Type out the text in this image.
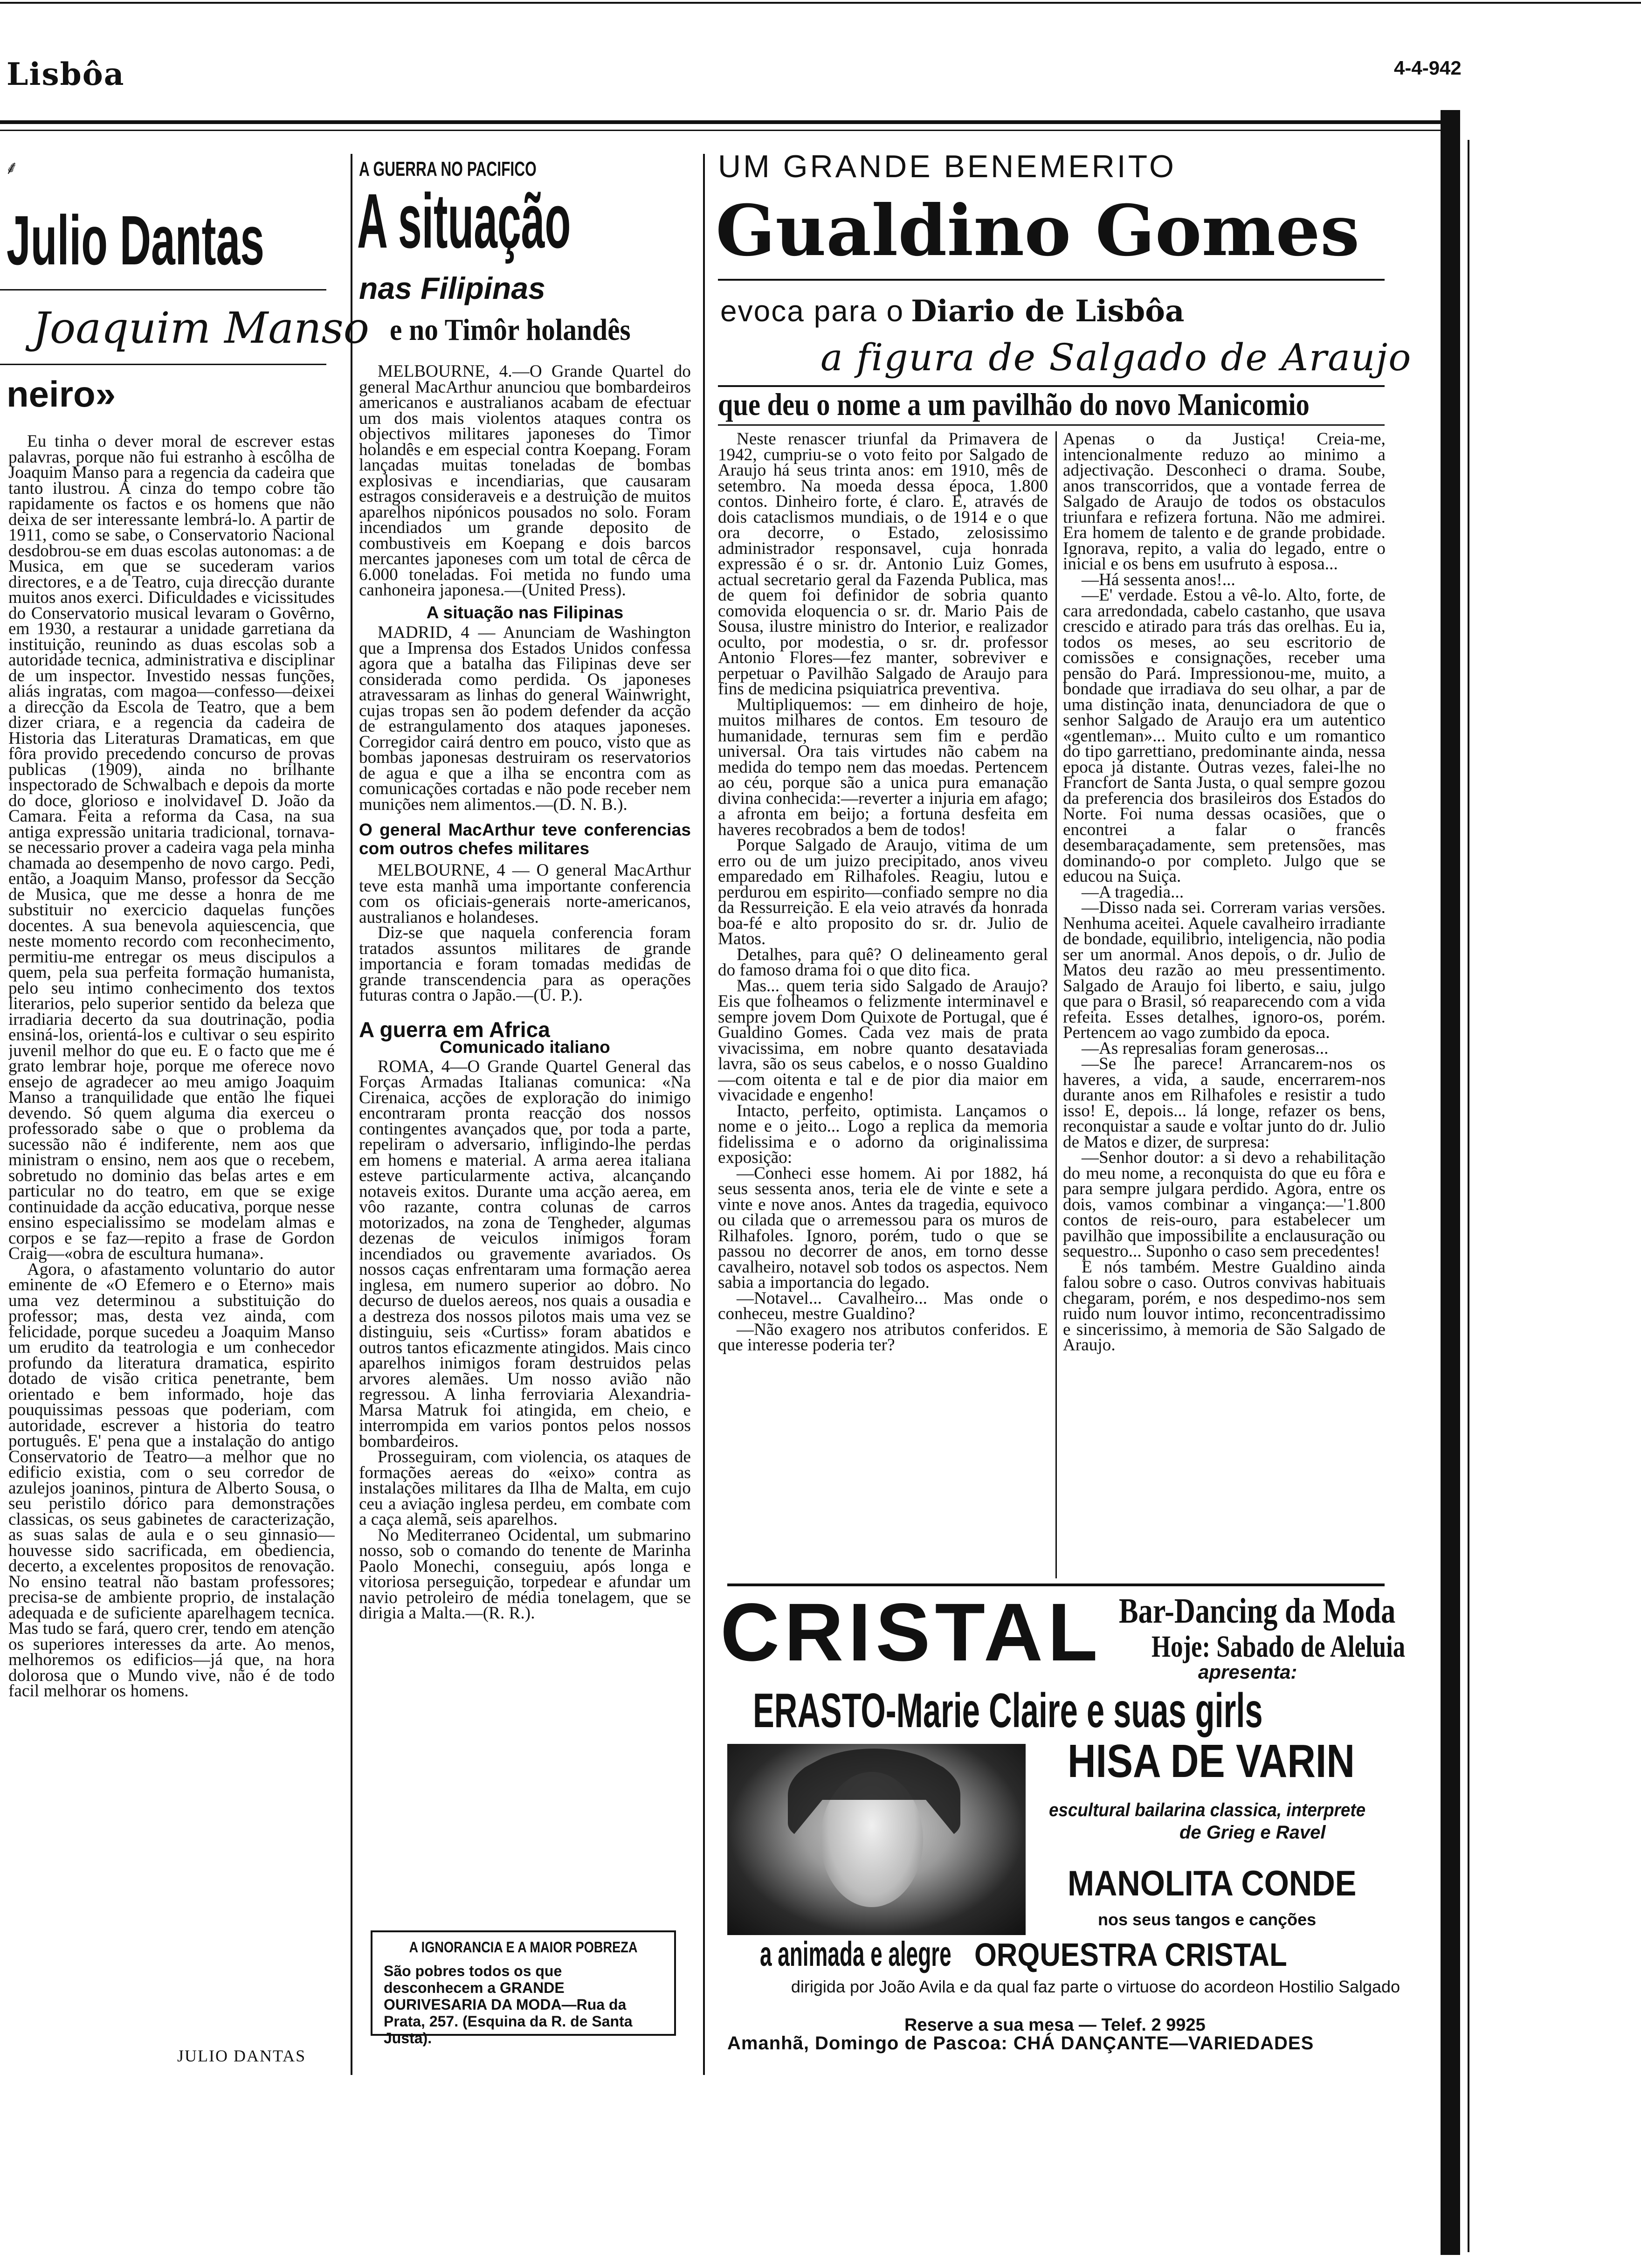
Lisbôa	4-4-942
⸙
Julio Dantas
Joaquim Manso
neiro»

Eu tinha o dever moral de escrever estas palavras, porque não fui estranho à escôlha de Joaquim Manso para a regencia da cadeira que tanto ilustrou. A cinza do tempo cobre tão rapidamente os factos e os homens que não deixa de ser interessante lembrá-lo. A partir de 1911, como se sabe, o Conservatorio Nacional desdobrou-se em duas escolas autonomas: a de Musica, em que se sucederam varios directores, e a de Teatro, cuja direcção durante muitos anos exerci. Dificuldades e vicissitudes do Conservatorio musical levaram o Govêrno, em 1930, a restaurar a unidade garretiana da instituição, reunindo as duas escolas sob a autoridade tecnica, administrativa e disciplinar de um inspector. Investido nessas funções, aliás ingratas, com magoa—confesso—deixei a direcção da Escola de Teatro, que a bem dizer criara, e a regencia da cadeira de Historia das Literaturas Dramaticas, em que fôra provido precedendo concurso de provas publicas (1909), ainda no brilhante inspectorado de Schwalbach e depois da morte do doce, glorioso e inolvidavel D. João da Camara. Feita a reforma da Casa, na sua antiga expressão unitaria tradicional, tornava-se necessario prover a cadeira vaga pela minha chamada ao desempenho de novo cargo. Pedi, então, a Joaquim Manso, professor da Secção de Musica, que me desse a honra de me substituir no exercicio daquelas funções docentes. A sua benevola aquiescencia, que neste momento recordo com reconhecimento, permitiu-me entregar os meus discipulos a quem, pela sua perfeita formação humanista, pelo seu intimo conhecimento dos textos literarios, pelo superior sentido da beleza que irradiaria decerto da sua doutrinação, podia ensiná-los, orientá-los e cultivar o seu espirito juvenil melhor do que eu. E o facto que me é grato lembrar hoje, porque me oferece novo ensejo de agradecer ao meu amigo Joaquim Manso a tranquilidade que então lhe fiquei devendo. Só quem alguma dia exerceu o professorado sabe o que o problema da sucessão não é indiferente, nem aos que ministram o ensino, nem aos que o recebem, sobretudo no dominio das belas artes e em particular no do teatro, em que se exige continuidade da acção educativa, porque nesse ensino especialissimo se modelam almas e corpos e se faz—repito a frase de Gordon Craig—«obra de escultura humana».

Agora, o afastamento voluntario do autor eminente de «O Efemero e o Eterno» mais uma vez determinou a substituição do professor; mas, desta vez ainda, com felicidade, porque sucedeu a Joaquim Manso um erudito da teatrologia e um conhecedor profundo da literatura dramatica, espirito dotado de visão critica penetrante, bem orientado e bem informado, hoje das pouquissimas pessoas que poderiam, com autoridade, escrever a historia do teatro português. E' pena que a instalação do antigo Conservatorio de Teatro—a melhor que no edificio existia, com o seu corredor de azulejos joaninos, pintura de Alberto Sousa, o seu peristilo dórico para demonstrações classicas, os seus gabinetes de caracterização, as suas salas de aula e o seu ginnasio—houvesse sido sacrificada, em obediencia, decerto, a excelentes propositos de renovação. No ensino teatral não bastam professores; precisa-se de ambiente proprio, de instalação adequada e de suficiente aparelhagem tecnica. Mas tudo se fará, quero crer, tendo em atenção os superiores interesses da arte. Ao menos, melhoremos os edificios—já que, na hora dolorosa que o Mundo vive, não é de todo facil melhorar os homens.

JULIO DANTAS
A GUERRA NO PACIFICO
A situação
nas Filipinas
e no Timôr holandês

MELBOURNE, 4.—O Grande Quartel do general MacArthur anunciou que bombardeiros americanos e australianos acabam de efectuar um dos mais violentos ataques contra os objectivos militares japoneses do Timor holandês e em especial contra Koepang. Foram lançadas muitas toneladas de bombas explosivas e incendiarias, que causaram estragos consideraveis e a destruição de muitos aparelhos nipónicos pousados no solo. Foram incendiados um grande deposito de combustiveis em Koepang e dois barcos mercantes japoneses com um total de cêrca de 6.000 toneladas. Foi metida no fundo uma canhoneira japonesa.—(United Press).

A situação nas Filipinas

MADRID, 4 — Anunciam de Washington que a Imprensa dos Estados Unidos confessa agora que a batalha das Filipinas deve ser considerada como perdida. Os japoneses atravessaram as linhas do general Wainwright, cujas tropas sen ão podem defender da acção de estrangulamento dos ataques japoneses. Corregidor cairá dentro em pouco, visto que as bombas japonesas destruiram os reservatorios de agua e que a ilha se encontra com as comunicações cortadas e não pode receber nem munições nem alimentos.—(D. N. B.).

O general MacArthur teve conferencias com outros chefes militares

MELBOURNE, 4 — O general MacArthur teve esta manhã uma importante conferencia com os oficiais-generais norte-americanos, australianos e holandeses.

Diz-se que naquela conferencia foram tratados assuntos militares de grande importancia e foram tomadas medidas de grande transcendencia para as operações futuras contra o Japão.—(U. P.).

A guerra em Africa
Comunicado italiano

ROMA, 4—O Grande Quartel General das Forças Armadas Italianas comunica: «Na Cirenaica, acções de exploração do inimigo encontraram pronta reacção dos nossos contingentes avançados que, por toda a parte, repeliram o adversario, infligindo-lhe perdas em homens e material. A arma aerea italiana esteve particularmente activa, alcançando notaveis exitos. Durante uma acção aerea, em vôo razante, contra colunas de carros motorizados, na zona de Tengheder, algumas dezenas de veiculos inimigos foram incendiados ou gravemente avariados. Os nossos caças enfrentaram uma formação aerea inglesa, em numero superior ao dobro. No decurso de duelos aereos, nos quais a ousadia e a destreza dos nossos pilotos mais uma vez se distinguiu, seis «Curtiss» foram abatidos e outros tantos eficazmente atingidos. Mais cinco aparelhos inimigos foram destruidos pelas arvores alemães. Um nosso avião não regressou. A linha ferroviaria Alexandria-Marsa Matruk foi atingida, em cheio, e interrompida em varios pontos pelos nossos bombardeiros.

Prosseguiram, com violencia, os ataques de formações aereas do «eixo» contra as instalações militares da Ilha de Malta, em cujo ceu a aviação inglesa perdeu, em combate com a caça alemã, seis aparelhos.

No Mediterraneo Ocidental, um submarino nosso, sob o comando do tenente de Marinha Paolo Monechi, conseguiu, após longa e vitoriosa perseguição, torpedear e afundar um navio petroleiro de média tonelagem, que se dirigia a Malta.—(R. R.).

A IGNORANCIA E A MAIOR POBREZA
São pobres todos os que desconhecem a GRANDE OURIVESARIA DA MODA—Rua da Prata, 257. (Esquina da R. de Santa Justa).
UM GRANDE BENEMERITO
Gualdino Gomes
evoca para o Diario de Lisbôa
a figura de Salgado de Araujo
que deu o nome a um pavilhão do novo Manicomio

Neste renascer triunfal da Primavera de 1942, cumpriu-se o voto feito por Salgado de Araujo há seus trinta anos: em 1910, mês de setembro. Na moeda dessa época, 1.800 contos. Dinheiro forte, é claro. E, através de dois cataclismos mundiais, o de 1914 e o que ora decorre, o Estado, zelosissimo administrador responsavel, cuja honrada expressão é o sr. dr. Antonio Luiz Gomes, actual secretario geral da Fazenda Publica, mas de quem foi definidor de sobria quanto comovida eloquencia o sr. dr. Mario Pais de Sousa, ilustre ministro do Interior, e realizador oculto, por modestia, o sr. dr. professor Antonio Flores—fez manter, sobreviver e perpetuar o Pavilhão Salgado de Araujo para fins de medicina psiquiatrica preventiva.

Multipliquemos: — em dinheiro de hoje, muitos milhares de contos. Em tesouro de humanidade, ternuras sem fim e perdão universal. Ora tais virtudes não cabem na medida do tempo nem das moedas. Pertencem ao céu, porque são a unica pura emanação divina conhecida:—reverter a injuria em afago; a afronta em beijo; a fortuna desfeita em haveres recobrados a bem de todos!

Porque Salgado de Araujo, vitima de um erro ou de um juizo precipitado, anos viveu emparedado em Rilhafoles. Reagiu, lutou e perdurou em espirito—confiado sempre no dia da Ressurreição. E ela veio através da honrada boa-fé e alto proposito do sr. dr. Julio de Matos.

Detalhes, para quê? O delineamento geral do famoso drama foi o que dito fica.

Mas... quem teria sido Salgado de Araujo? Eis que folheamos o felizmente interminavel e sempre jovem Dom Quixote de Portugal, que é Gualdino Gomes. Cada vez mais de prata vivacissima, em nobre quanto desataviada lavra, são os seus cabelos, e o nosso Gualdino—com oitenta e tal e de pior dia maior em vivacidade e engenho!

Intacto, perfeito, optimista. Lançamos o nome e o jeito... Logo a replica da memoria fidelissima e o adorno da originalissima exposição:

—Conheci esse homem. Ai por 1882, há seus sessenta anos, teria ele de vinte e sete a vinte e nove anos. Antes da tragedia, equivoco ou cilada que o arremessou para os muros de Rilhafoles. Ignoro, porém, tudo o que se passou no decorrer de anos, em torno desse cavalheiro, notavel sob todos os aspectos. Nem sabia a importancia do legado.

—Notavel... Cavalheiro... Mas onde o conheceu, mestre Gualdino?

—Não exagero nos atributos conferidos. E que interesse poderia ter?

Apenas o da Justiça! Creia-me, intencionalmente reduzo ao minimo a adjectivação. Desconheci o drama. Soube, anos transcorridos, que a vontade ferrea de Salgado de Araujo de todos os obstaculos triunfara e refizera fortuna. Não me admirei. Era homem de talento e de grande probidade. Ignorava, repito, a valia do legado, entre o inicial e os bens em usufruto à esposa...

—Há sessenta anos!...

—E' verdade. Estou a vê-lo. Alto, forte, de cara arredondada, cabelo castanho, que usava crescido e atirado para trás das orelhas. Eu ia, todos os meses, ao seu escritorio de comissões e consignações, receber uma pensão do Pará. Impressionou-me, muito, a bondade que irradiava do seu olhar, a par de uma distinção inata, denunciadora de que o senhor Salgado de Araujo era um autentico «gentleman»... Muito culto e um romantico do tipo garrettiano, predominante ainda, nessa epoca já distante. Outras vezes, falei-lhe no Francfort de Santa Justa, o qual sempre gozou da preferencia dos brasileiros dos Estados do Norte. Foi numa dessas ocasiões, que o encontrei a falar o francês desembaraçadamente, sem pretensões, mas dominando-o por completo. Julgo que se educou na Suiça.

—A tragedia...

—Disso nada sei. Correram varias versões. Nenhuma aceitei. Aquele cavalheiro irradiante de bondade, equilibrio, inteligencia, não podia ser um anormal. Anos depois, o dr. Julio de Matos deu razão ao meu pressentimento. Salgado de Araujo foi liberto, e saiu, julgo que para o Brasil, só reaparecendo com a vida refeita. Esses detalhes, ignoro-os, porém. Pertencem ao vago zumbido da epoca.

—As represalias foram generosas...

—Se lhe parece! Arrancarem-nos os haveres, a vida, a saude, encerrarem-nos durante anos em Rilhafoles e resistir a tudo isso! E, depois... lá longe, refazer os bens, reconquistar a saude e voltar junto do dr. Julio de Matos e dizer, de surpresa:

—Senhor doutor: a si devo a rehabilitação do meu nome, a reconquista do que eu fôra e para sempre julgara perdido. Agora, entre os dois, vamos combinar a vingança:—'1.800 contos de reis-ouro, para estabelecer um pavilhão que impossibilite a enclausuração ou sequestro... Suponho o caso sem precedentes!

E nós também. Mestre Gualdino ainda falou sobre o caso. Outros convivas habituais chegaram, porém, e nos despedimo-nos sem ruido num louvor intimo, reconcentradissimo e sincerissimo, à memoria de São Salgado de Araujo.

CRISTAL Bar-Dancing da Moda
Hoje: Sabado de Aleluia
apresenta:
ERASTO-Marie Claire e suas girls
HISA DE VARIN
escultural bailarina classica, interprete
de Grieg e Ravel
MANOLITA CONDE
nos seus tangos e canções
a animada e alegre ORQUESTRA CRISTAL
dirigida por João Avila e da qual faz parte o virtuose do acordeon Hostilio Salgado
Reserve a sua mesa — Telef. 2 9925
Amanhã, Domingo de Pascoa: CHÁ DANÇANTE—VARIEDADES
